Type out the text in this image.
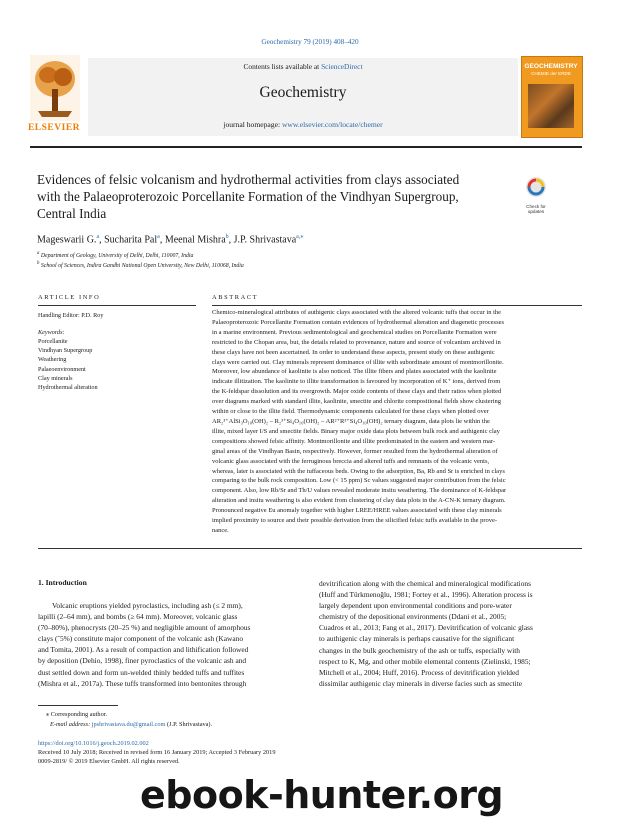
Geochemistry 79 (2019) 408–420
ELSEVIER
Contents lists available at ScienceDirect
Geochemistry
journal homepage: www.elsevier.com/locate/chemer
GEOCHEMISTRY
CHEMIE der ERDE
Evidences of felsic volcanism and hydrothermal activities from clays associated with the Palaeoproterozoic Porcellanite Formation of the Vindhyan Supergroup, Central India	Check for
updates
Mageswarii G.$^a$, Sucharita Pal$^a$, Meenal Mishra$^b$, J.P. Shrivastava$^{a,⁎}$
$^a$ Department of Geology, University of Delhi, Delhi, 110007, India
$^b$ School of Sciences, Indira Gandhi National Open University, New Delhi, 110068, India
ARTICLE INFO
Handling Editor: P.D. Roy
Keywords:
Porcellanite
Vindhyan Supergroup
Weathering
Palaeoenvironment
Clay minerals
Hydrothermal alteration
ABSTRACT
Chemico-mineralogical attributes of authigenic clays associated with the altered volcanic tuffs that occur in the
Palaeoproterozoic Porcellanite Formation contain evidences of hydrothermal alteration and diagenetic processes
in a marine environment. Previous sedimentological and geochemical studies on Porcellanite Formation were
restricted to the Chopan area, but, the details related to provenance, nature and source of volcanism archived in
these clays have not been ascertained. In order to understand these aspects, present study on these authigenic
clays were carried out. Clay minerals represent dominance of illite with subordinate amount of montmorillonite.
Moreover, low abundance of kaolinite is also noticed. The illite fibers and plates associated with the kaolinite
indicate illitization. The kaolinite to illite transformation is favoured by incorporation of K⁺ ions, derived from
the K-feldspar dissolution and its overgrowth. Major oxide contents of these clays and their ratios when plotted
over diagrams marked with standard illite, kaolinite, smectite and chlorite compositional fields show clustering
within or close to the illite field. Thermodynamic components calculated for these clays when plotted over
AR₂³⁺AlSi₃O₁₀(OH)₂ – R₂³⁺Si₄O₁₀(OH)₂ – AR²⁺R³⁺Si₄O₁₀(OH)₂ ternary diagram, data plots lie within the
illite, mixed layer I/S and smectite fields. Binary major oxide data plots between bulk rock and authigenic clay
compositions showed felsic affinity. Montmorillonite and illite predominated in the eastern and western mar-
ginal areas of the Vindhyan Basin, respectively. However, former resulted from the hydrothermal alteration of
volcanic glass associated with the ferruginous breccia and altered tuffs and remnants of the volcanic vents,
whereas, later is associated with the tuffaceous beds. Owing to the adsorption, Ba, Rb and Sr is enriched in clays
comparing to the bulk rock composition. Low (< 15 ppm) Sc values suggested major contribution from the felsic
component. Also, low Rb/Sr and Th/U values revealed moderate insitu weathering. The dominance of K-feldspar
alteration and insitu weathering is also evident from clustering of clay data plots in the A-CN-K ternary diagram.
Pronounced negative Eu anomaly together with higher LREE/HREE values associated with these clay minerals
implied proximity to source and their possible derivation from the silicified felsic tuffs available in the prove-
nance.
1. Introduction
Volcanic eruptions yielded pyroclastics, including ash (≤ 2 mm),
lapilli (2–64 mm), and bombs (≥ 64 mm). Moreover, volcanic glass
(70–80%), phenocrysts (20–25 %) and negligible amount of amorphous
clays (˜5%) constitute major component of the volcanic ash (Kawano
and Tomita, 2001). As a result of compaction and lithification followed
by deposition (Dehio, 1998), finer pyroclastics of the volcanic ash and
dust settled down and form un-welded thinly bedded tuffs and tuffites
(Mishra et al., 2017a). These tuffs transformed into bentonites through
devitrification along with the chemical and mineralogical modifications
(Huff and Türkmenoğlu, 1981; Fortey et al., 1996). Alteration process is
largely dependent upon environmental conditions and pore-water
chemistry of the depositional environments (Ddani et al., 2005;
Cuadros et al., 2013; Fang et al., 2017). Devitrification of volcanic glass
to authigenic clay minerals is perhaps causative for the significant
changes in the bulk geochemistry of the ash or tuffs, especially with
respect to K, Mg, and other mobile elemental contents (Zielinski, 1985;
Mitchell et al., 2004; Huff, 2016). Process of devitrification yielded
dissimilar authigenic clay minerals in diverse facies such as smectite
⁎ Corresponding author.
E-mail address: jpshrivastava.du@gmail.com (J.P. Shrivastava).
https://doi.org/10.1016/j.geoch.2019.02.002
Received 10 July 2018; Received in revised form 16 January 2019; Accepted 3 February 2019
0009-2819/ © 2019 Elsevier GmbH. All rights reserved.
ebook-hunter.org
